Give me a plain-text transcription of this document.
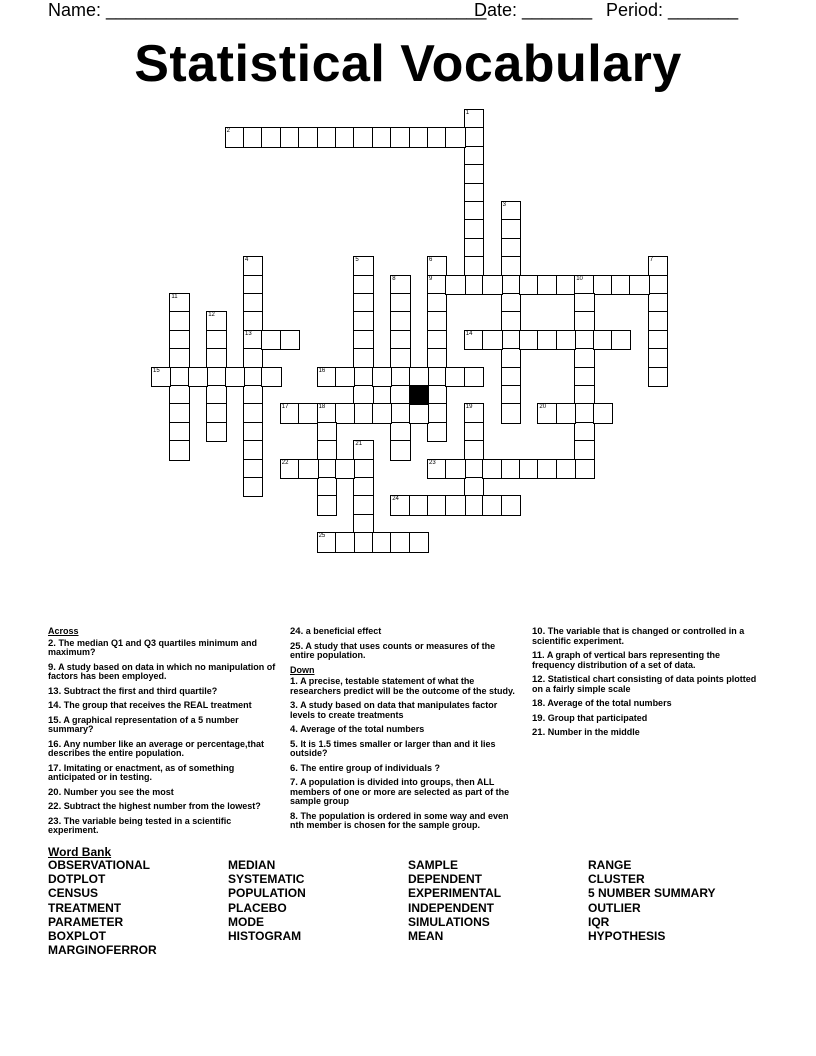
Name: ______________________________________
Date: _______ Period: _______
Statistical Vocabulary
1
2
3
4
13
5	6
9
7
8	10
11
12
14
15	16
17	18	19	20
21
22	23
24
25
Across
2. The median Q1 and Q3 quartiles minimum and maximum?
9. A study based on data in which no manipulation of factors has been employed.
13. Subtract the first and third quartile?
14. The group that receives the REAL treatment
15. A graphical representation of a 5 number summary?
16. Any number like an average or percentage,that describes the entire population.
17. Imitating or enactment, as of something anticipated or in testing.
20. Number you see the most
22. Subtract the highest number from the lowest?
23. The variable being tested in a scientific experiment.
24. a beneficial effect
25. A study that uses counts or measures of the entire population.
Down
1. A precise, testable statement of what the researchers predict will be the outcome of the study.
3. A study based on data that manipulates factor levels to create treatments
4. Average of the total numbers
5. It is 1.5 times smaller or larger than and it lies outside?
6. The entire group of individuals ?
7. A population is divided into groups, then ALL members of one or more are selected as part of the sample group
8. The population is ordered in some way and even nth member is chosen for the sample group.
10. The variable that is changed or controlled in a scientific experiment.
11. A graph of vertical bars representing the frequency distribution of a set of data.
12. Statistical chart consisting of data points plotted on a fairly simple scale
18. Average of the total numbers
19. Group that participated
21. Number in the middle
Word Bank
OBSERVATIONAL
DOTPLOT
CENSUS
TREATMENT
PARAMETER
BOXPLOT
MARGINOFERROR
MEDIAN
SYSTEMATIC
POPULATION
PLACEBO
MODE
HISTOGRAM
SAMPLE
DEPENDENT
EXPERIMENTAL
INDEPENDENT
SIMULATIONS
MEAN
RANGE
CLUSTER
5 NUMBER SUMMARY
OUTLIER
IQR
HYPOTHESIS
